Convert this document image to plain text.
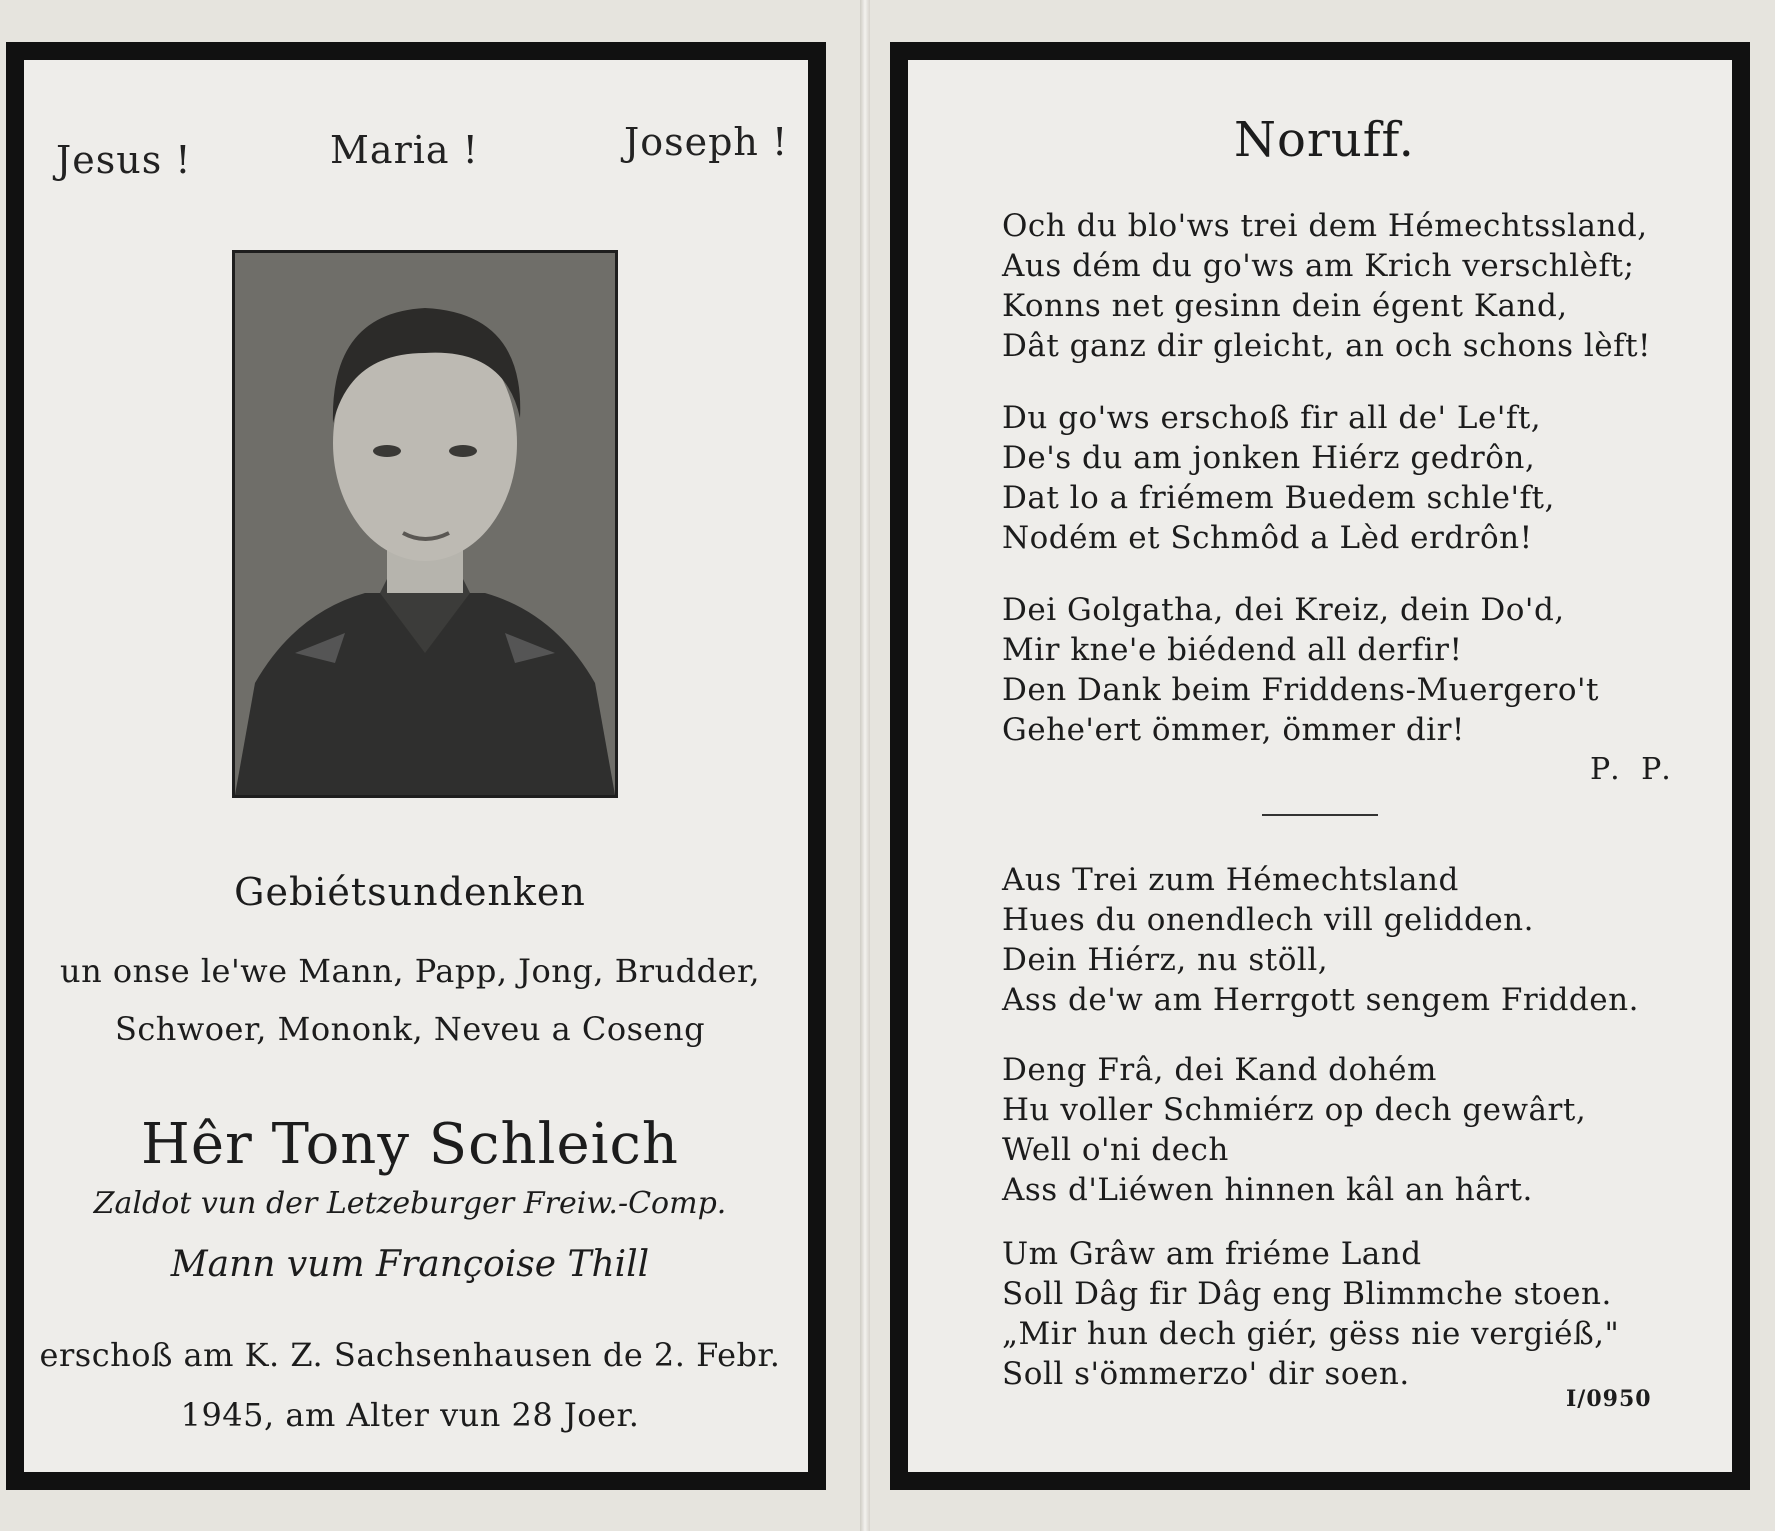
Jesus !	Maria !	Joseph !
Gebiétsundenken
un onse le'we Mann, Papp, Jong, Brudder,
Schwoer, Mononk, Neveu a Coseng
Hêr Tony Schleich
Zaldot vun der Letzeburger Freiw.-Comp.
Mann vum Françoise Thill
erschoß am K. Z. Sachsenhausen de 2. Febr.
1945, am Alter vun 28 Joer.
Noruff.
Och du blo'ws trei dem Hémechtssland,
Aus dém du go'ws am Krich verschlèft;
Konns net gesinn dein égent Kand,
Dât ganz dir gleicht, an och schons lèft!
Du go'ws erschoß fir all de' Le'ft,
De's du am jonken Hiérz gedrôn,
Dat lo a friémem Buedem schle'ft,
Nodém et Schmôd a Lèd erdrôn!
Dei Golgatha, dei Kreiz, dein Do'd,
Mir kne'e biédend all derfir!
Den Dank beim Friddens-Muergero't
Gehe'ert ömmer, ömmer dir!
P. P.
Aus Trei zum Hémechtsland
Hues du onendlech vill gelidden.
Dein Hiérz, nu stöll,
Ass de'w am Herrgott sengem Fridden.
Deng Frâ, dei Kand dohém
Hu voller Schmiérz op dech gewârt,
Well o'ni dech
Ass d'Liéwen hinnen kâl an hârt.
Um Grâw am friéme Land
Soll Dâg fir Dâg eng Blimmche stoen.
„Mir hun dech giér, gëss nie vergiéß,"
Soll s'ömmerzo' dir soen.
I/0950
